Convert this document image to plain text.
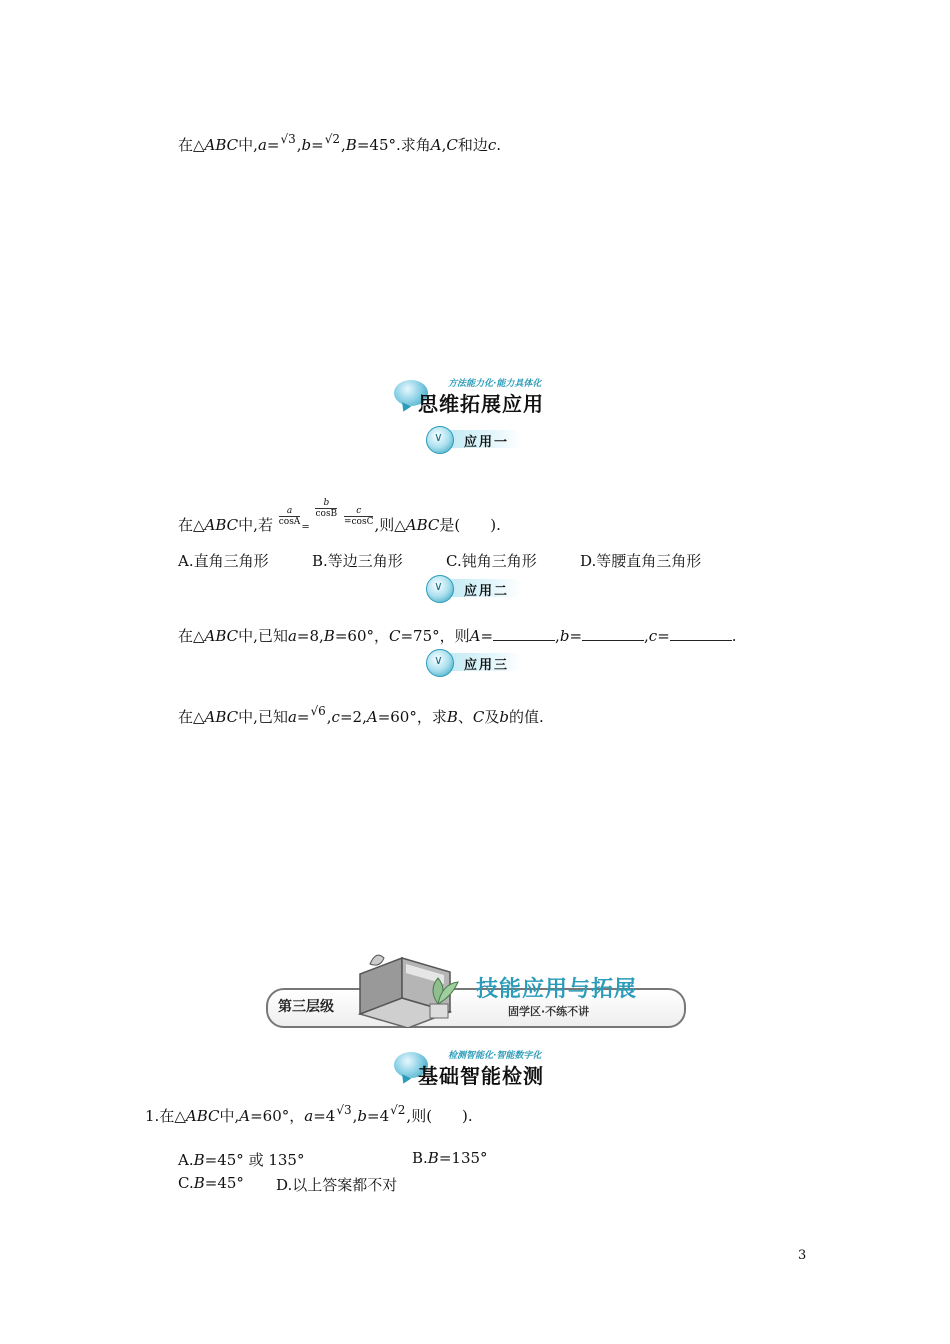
在△ABC中,a=√3,b=√2,B=45°.求角A,C和边c.
方法能力化·能力具体化
思维拓展应用
∨ 应用一
在△ABC中,若 $\frac{a}{\cos A} = \frac{b}{\cos B}$
$\frac{c}{=\cos C}$ ,则△ABC是(　　).
A.直角三角形	B.等边三角形	C.钝角三角形	D.等腰直角三角形
∨ 应用二
在△ABC中,已知a=8,B=60°，C=75°，则A=	,b=	,c=	.
∨ 应用三
在△ABC中,已知a=√6,c=2,A=60°，求B、C及b的值.
第三层级
技能应用与拓展
固学区·不练不讲
检测智能化·智能数字化
基础智能检测
1.在△ABC中,A=60°，a=4√3,b=4√2,则(　　).
A.B=45° 或 135°	B.B=135°
C.B=45° D.以上答案都不对
3
